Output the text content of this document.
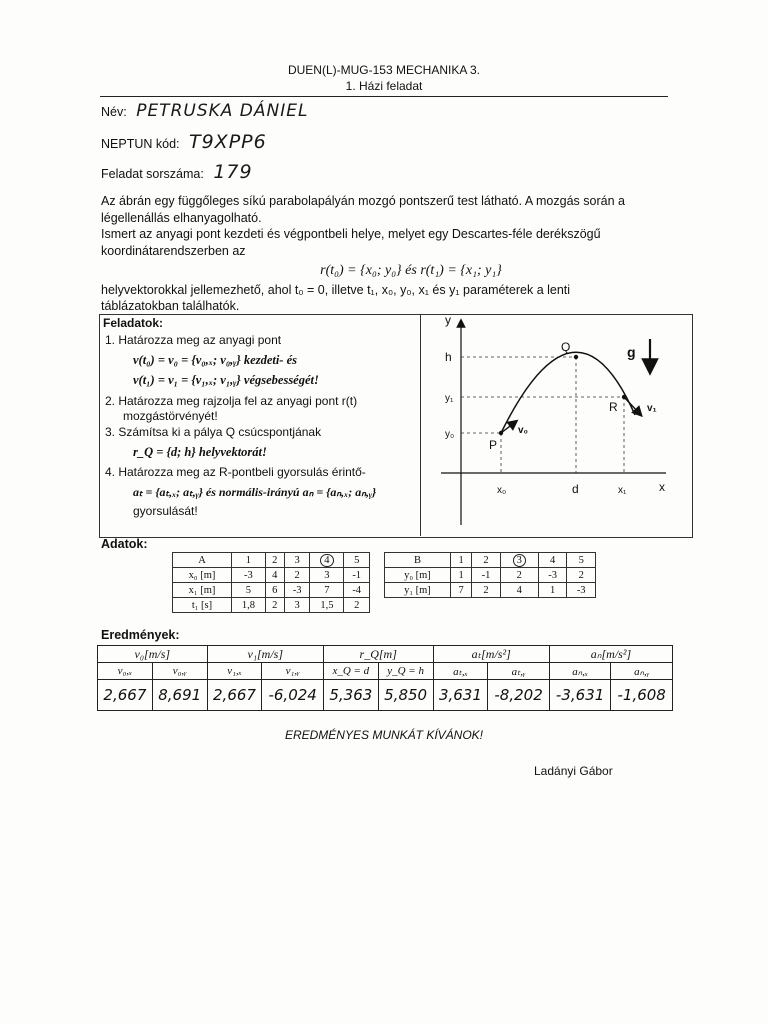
DUEN(L)-MUG-153 MECHANIKA 3.
1. Házi feladat
Név: PETRUSKA DÁNIEL
NEPTUN kód: T9XPP6
Feladat sorszáma: 179
Az ábrán egy függőleges síkú parabolapályán mozgó pontszerű test látható. A mozgás során a légellenállás elhanyagolható.
Ismert az anyagi pont kezdeti és végpontbeli helye, melyet egy Descartes-féle derékszögű koordinátarendszerben az
r(t₀) = {x₀; y₀} és r(t₁) = {x₁; y₁}
helyvektorokkal jellemezhető, ahol t₀ = 0, illetve t₁, x₀, y₀, x₁ és y₁ paraméterek a lenti táblázatokban találhatók.
Feladatok:
1. Határozza meg az anyagi pont
v(t₀) = v₀ = {v₀,ₓ; v₀,ᵧ} kezdeti- és
v(t₁) = v₁ = {v₁,ₓ; v₁,ᵧ} végsebességét!
2. Határozza meg rajzolja fel az anyagi pont r(t) mozgástörvényét!
3. Számítsa ki a pálya Q csúcspontjának
r_Q = {d; h} helyvektorát!
4. Határozza meg az R-pontbeli gyorsulás érintő-
aₜ = {aₜ,ₓ; aₜ,ᵧ} és normális-irányú aₙ = {aₙ,ₓ; aₙ,ᵧ}
gyorsulását!
y
x
h
y₁
y₀
x₀	d	x₁
Q
R
P
v₀
v₁
g
Adatok:
A	1	2	3	4	5
x₀ [m]	-3	4	2	3	-1
x₁ [m]	5	6	-3	7	-4
t₁ [s]	1,8	2	3	1,5	2
B	1	2	3	4	5
y₀ [m]	1	-1	2	-3	2
y₁ [m]	7	2	4	1	-3
Eredmények:
v₀[m/s]		v₁[m/s]		r_Q[m]		aₜ[m/s²]		aₙ[m/s²]	
v₀,ₓ	v₀,ᵧ	v₁,ₓ	v₁,ᵧ	x_Q = d	y_Q = h	aₜ,ₓ	aₜ,ᵧ	aₙ,ₓ	aₙ,ᵧ
2,667	8,691	2,667	-6,024	5,363	5,850	3,631	-8,202	-3,631	-1,608
EREDMÉNYES MUNKÁT KÍVÁNOK!
Ladányi Gábor
